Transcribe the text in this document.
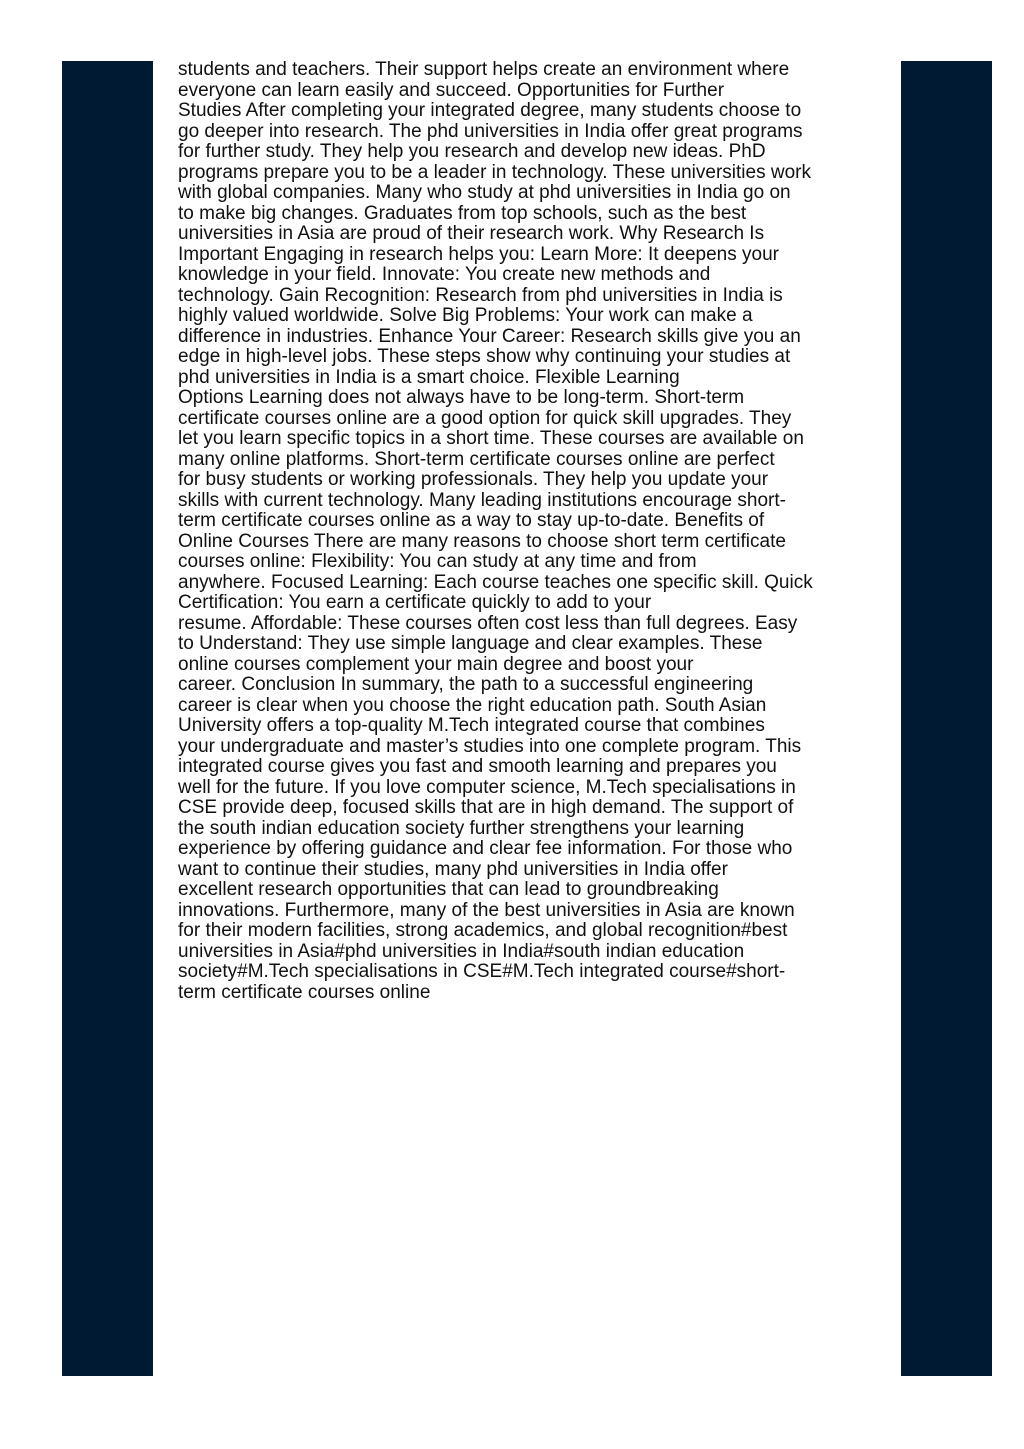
students and teachers. Their support helps create an environment where
everyone can learn easily and succeed. Opportunities for Further
Studies After completing your integrated degree, many students choose to
go deeper into research. The phd universities in India offer great programs
for further study. They help you research and develop new ideas. PhD
programs prepare you to be a leader in technology. These universities work
with global companies. Many who study at phd universities in India go on
to make big changes. Graduates from top schools, such as the best
universities in Asia are proud of their research work. Why Research Is
Important Engaging in research helps you: Learn More: It deepens your
knowledge in your field. Innovate: You create new methods and
technology. Gain Recognition: Research from phd universities in India is
highly valued worldwide. Solve Big Problems: Your work can make a
difference in industries. Enhance Your Career: Research skills give you an
edge in high-level jobs. These steps show why continuing your studies at
phd universities in India is a smart choice. Flexible Learning
Options Learning does not always have to be long-term. Short-term
certificate courses online are a good option for quick skill upgrades. They
let you learn specific topics in a short time. These courses are available on
many online platforms. Short-term certificate courses online are perfect
for busy students or working professionals. They help you update your
skills with current technology. Many leading institutions encourage short-
term certificate courses online as a way to stay up-to-date. Benefits of
Online Courses There are many reasons to choose short term certificate
courses online: Flexibility: You can study at any time and from
anywhere. Focused Learning: Each course teaches one specific skill. Quick
Certification: You earn a certificate quickly to add to your
resume. Affordable: These courses often cost less than full degrees. Easy
to Understand: They use simple language and clear examples. These
online courses complement your main degree and boost your
career. Conclusion In summary, the path to a successful engineering
career is clear when you choose the right education path. South Asian
University offers a top-quality M.Tech integrated course that combines
your undergraduate and master’s studies into one complete program. This
integrated course gives you fast and smooth learning and prepares you
well for the future. If you love computer science, M.Tech specialisations in
CSE provide deep, focused skills that are in high demand. The support of
the south indian education society further strengthens your learning
experience by offering guidance and clear fee information. For those who
want to continue their studies, many phd universities in India offer
excellent research opportunities that can lead to groundbreaking
innovations. Furthermore, many of the best universities in Asia are known
for their modern facilities, strong academics, and global recognition#best
universities in Asia#phd universities in India#south indian education
society#M.Tech specialisations in CSE#M.Tech integrated course#short-
term certificate courses online
